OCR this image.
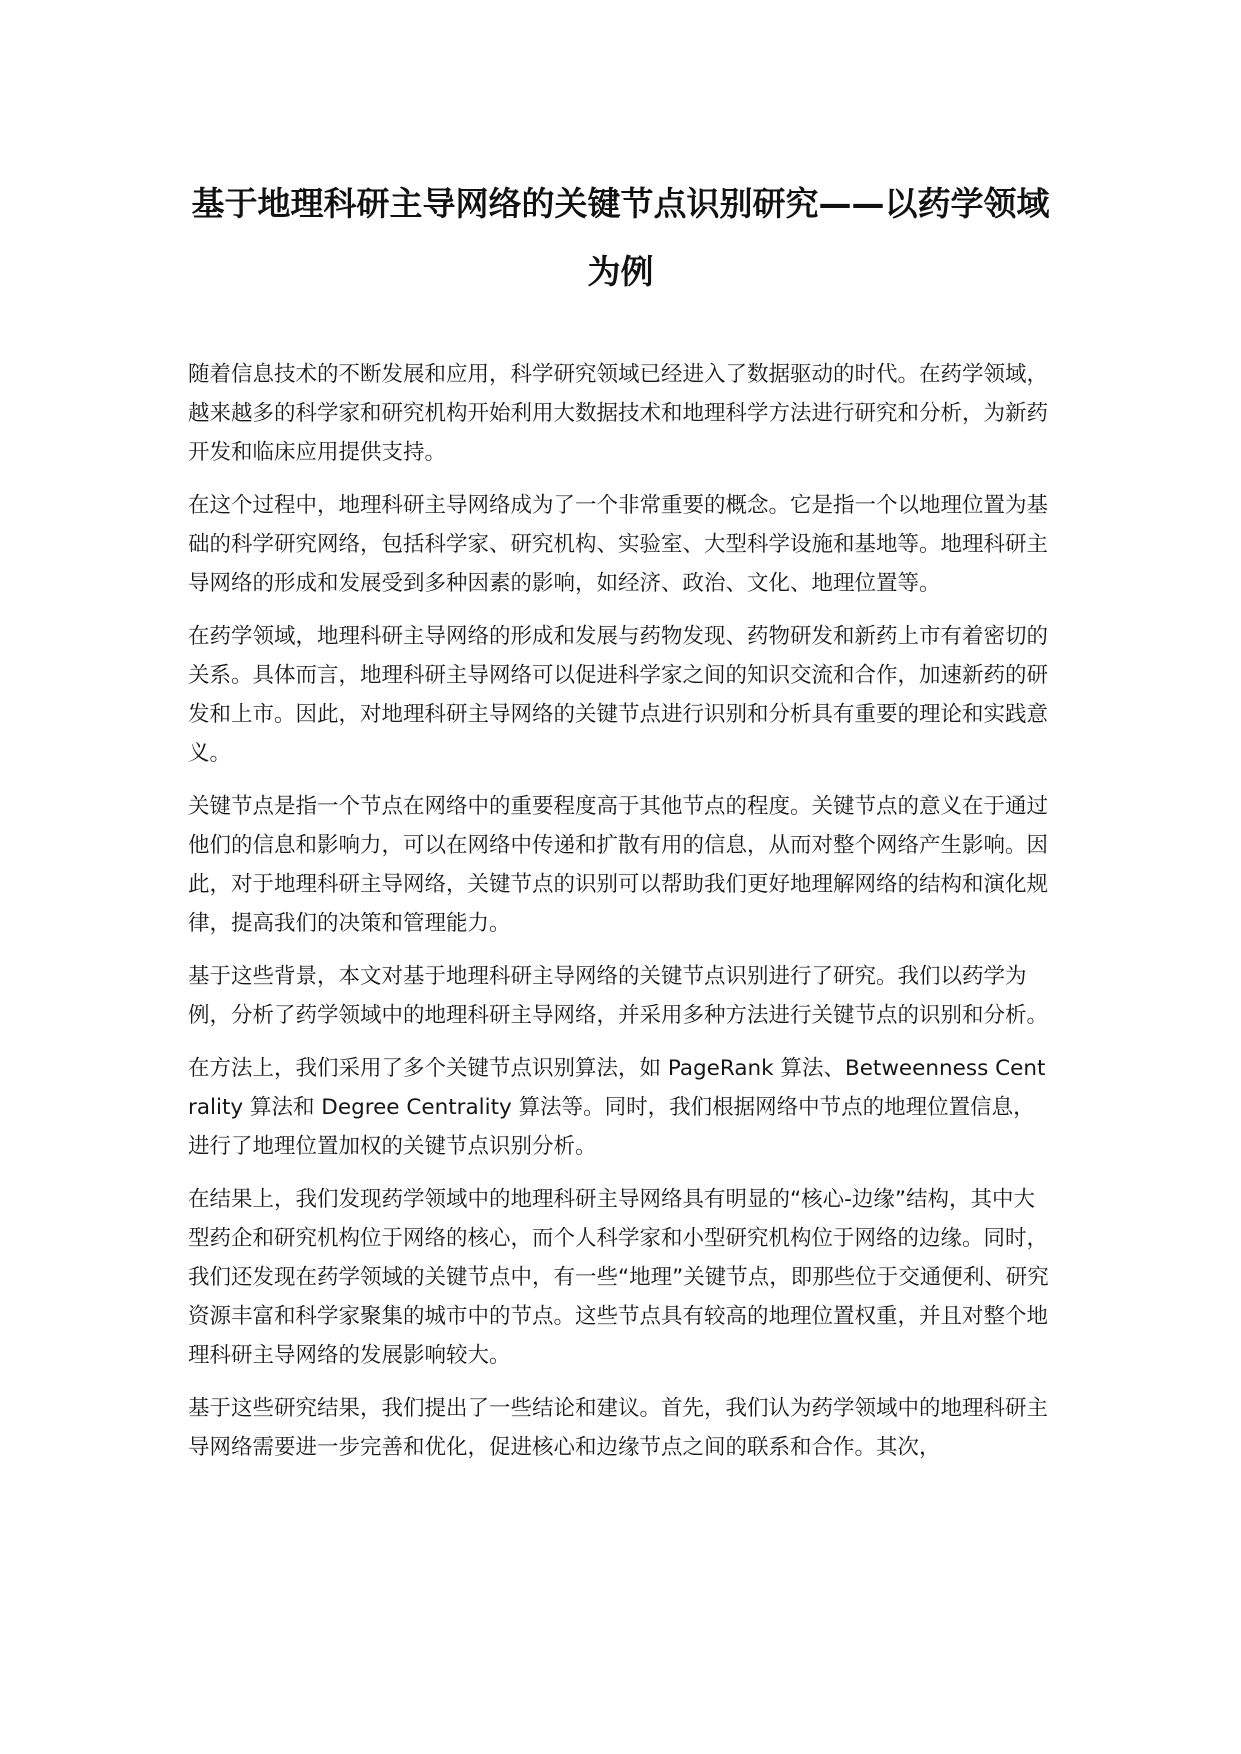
基于地理科研主导网络的关键节点识别研究——以药学领域为例

随着信息技术的不断发展和应用，科学研究领域已经进入了数据驱动的时代。在药学领域，越来越多的科学家和研究机构开始利用大数据技术和地理科学方法进行研究和分析，为新药开发和临床应用提供支持。

在这个过程中，地理科研主导网络成为了一个非常重要的概念。它是指一个以地理位置为基础的科学研究网络，包括科学家、研究机构、实验室、大型科学设施和基地等。地理科研主导网络的形成和发展受到多种因素的影响，如经济、政治、文化、地理位置等。

在药学领域，地理科研主导网络的形成和发展与药物发现、药物研发和新药上市有着密切的关系。具体而言，地理科研主导网络可以促进科学家之间的知识交流和合作，加速新药的研发和上市。因此，对地理科研主导网络的关键节点进行识别和分析具有重要的理论和实践意义。

关键节点是指一个节点在网络中的重要程度高于其他节点的程度。关键节点的意义在于通过他们的信息和影响力，可以在网络中传递和扩散有用的信息，从而对整个网络产生影响。因此，对于地理科研主导网络，关键节点的识别可以帮助我们更好地理解网络的结构和演化规律，提高我们的决策和管理能力。

基于这些背景，本文对基于地理科研主导网络的关键节点识别进行了研究。我们以药学为例，分析了药学领域中的地理科研主导网络，并采用多种方法进行关键节点的识别和分析。

在方法上，我们采用了多个关键节点识别算法，如 PageRank 算法、Betweenness Centrality 算法和 Degree Centrality 算法等。同时，我们根据网络中节点的地理位置信息，进行了地理位置加权的关键节点识别分析。

在结果上，我们发现药学领域中的地理科研主导网络具有明显的“核心-边缘”结构，其中大型药企和研究机构位于网络的核心，而个人科学家和小型研究机构位于网络的边缘。同时，我们还发现在药学领域的关键节点中，有一些“地理”关键节点，即那些位于交通便利、研究资源丰富和科学家聚集的城市中的节点。这些节点具有较高的地理位置权重，并且对整个地理科研主导网络的发展影响较大。

基于这些研究结果，我们提出了一些结论和建议。首先，我们认为药学领域中的地理科研主导网络需要进一步完善和优化，促进核心和边缘节点之间的联系和合作。其次，
